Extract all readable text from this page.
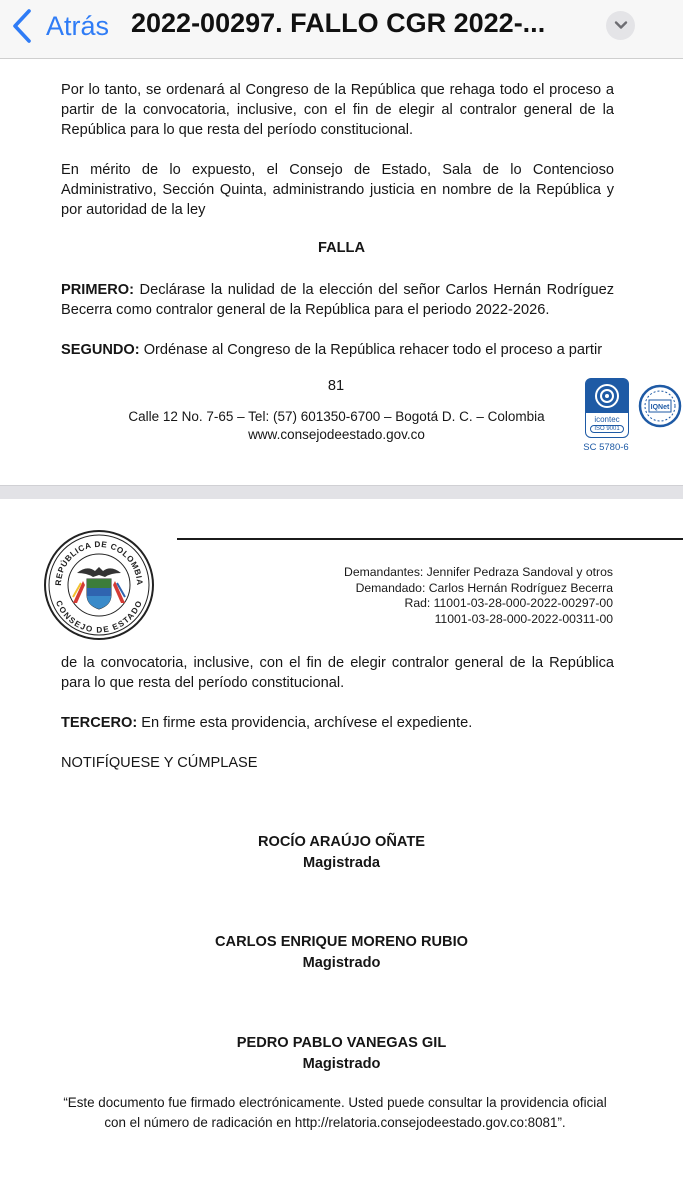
Atrás 2022-00297. FALLO CGR 2022-...
Por lo tanto, se ordenará al Congreso de la República que rehaga todo el proceso a partir de la convocatoria, inclusive, con el fin de elegir al contralor general de la República para lo que resta del período constitucional.
En mérito de lo expuesto, el Consejo de Estado, Sala de lo Contencioso Administrativo, Sección Quinta, administrando justicia en nombre de la República y por autoridad de la ley
FALLA
PRIMERO: Declárase la nulidad de la elección del señor Carlos Hernán Rodríguez Becerra como contralor general de la República para el periodo 2022-2026.
SEGUNDO: Ordénase al Congreso de la República rehacer todo el proceso a partir
81
Calle 12 No. 7-65 – Tel: (57) 601350-6700 – Bogotá D. C. – Colombia
www.consejodeestado.gov.co
icontec
ISO 9001
SC 5780-6
IQNet
REPÚBLICA DE COLOMBIA
CONSEJO DE ESTADO
Demandantes: Jennifer Pedraza Sandoval y otros
Demandado: Carlos Hernán Rodríguez Becerra
Rad: 11001-03-28-000-2022-00297-00
11001-03-28-000-2022-00311-00
de la convocatoria, inclusive, con el fin de elegir contralor general de la República para lo que resta del período constitucional.
TERCERO: En firme esta providencia, archívese el expediente.
NOTIFÍQUESE Y CÚMPLASE
ROCÍO ARAÚJO OÑATE
Magistrada
CARLOS ENRIQUE MORENO RUBIO
Magistrado
PEDRO PABLO VANEGAS GIL
Magistrado
“Este documento fue firmado electrónicamente. Usted puede consultar la providencia oficial con el número de radicación en http://relatoria.consejodeestado.gov.co:8081”.
